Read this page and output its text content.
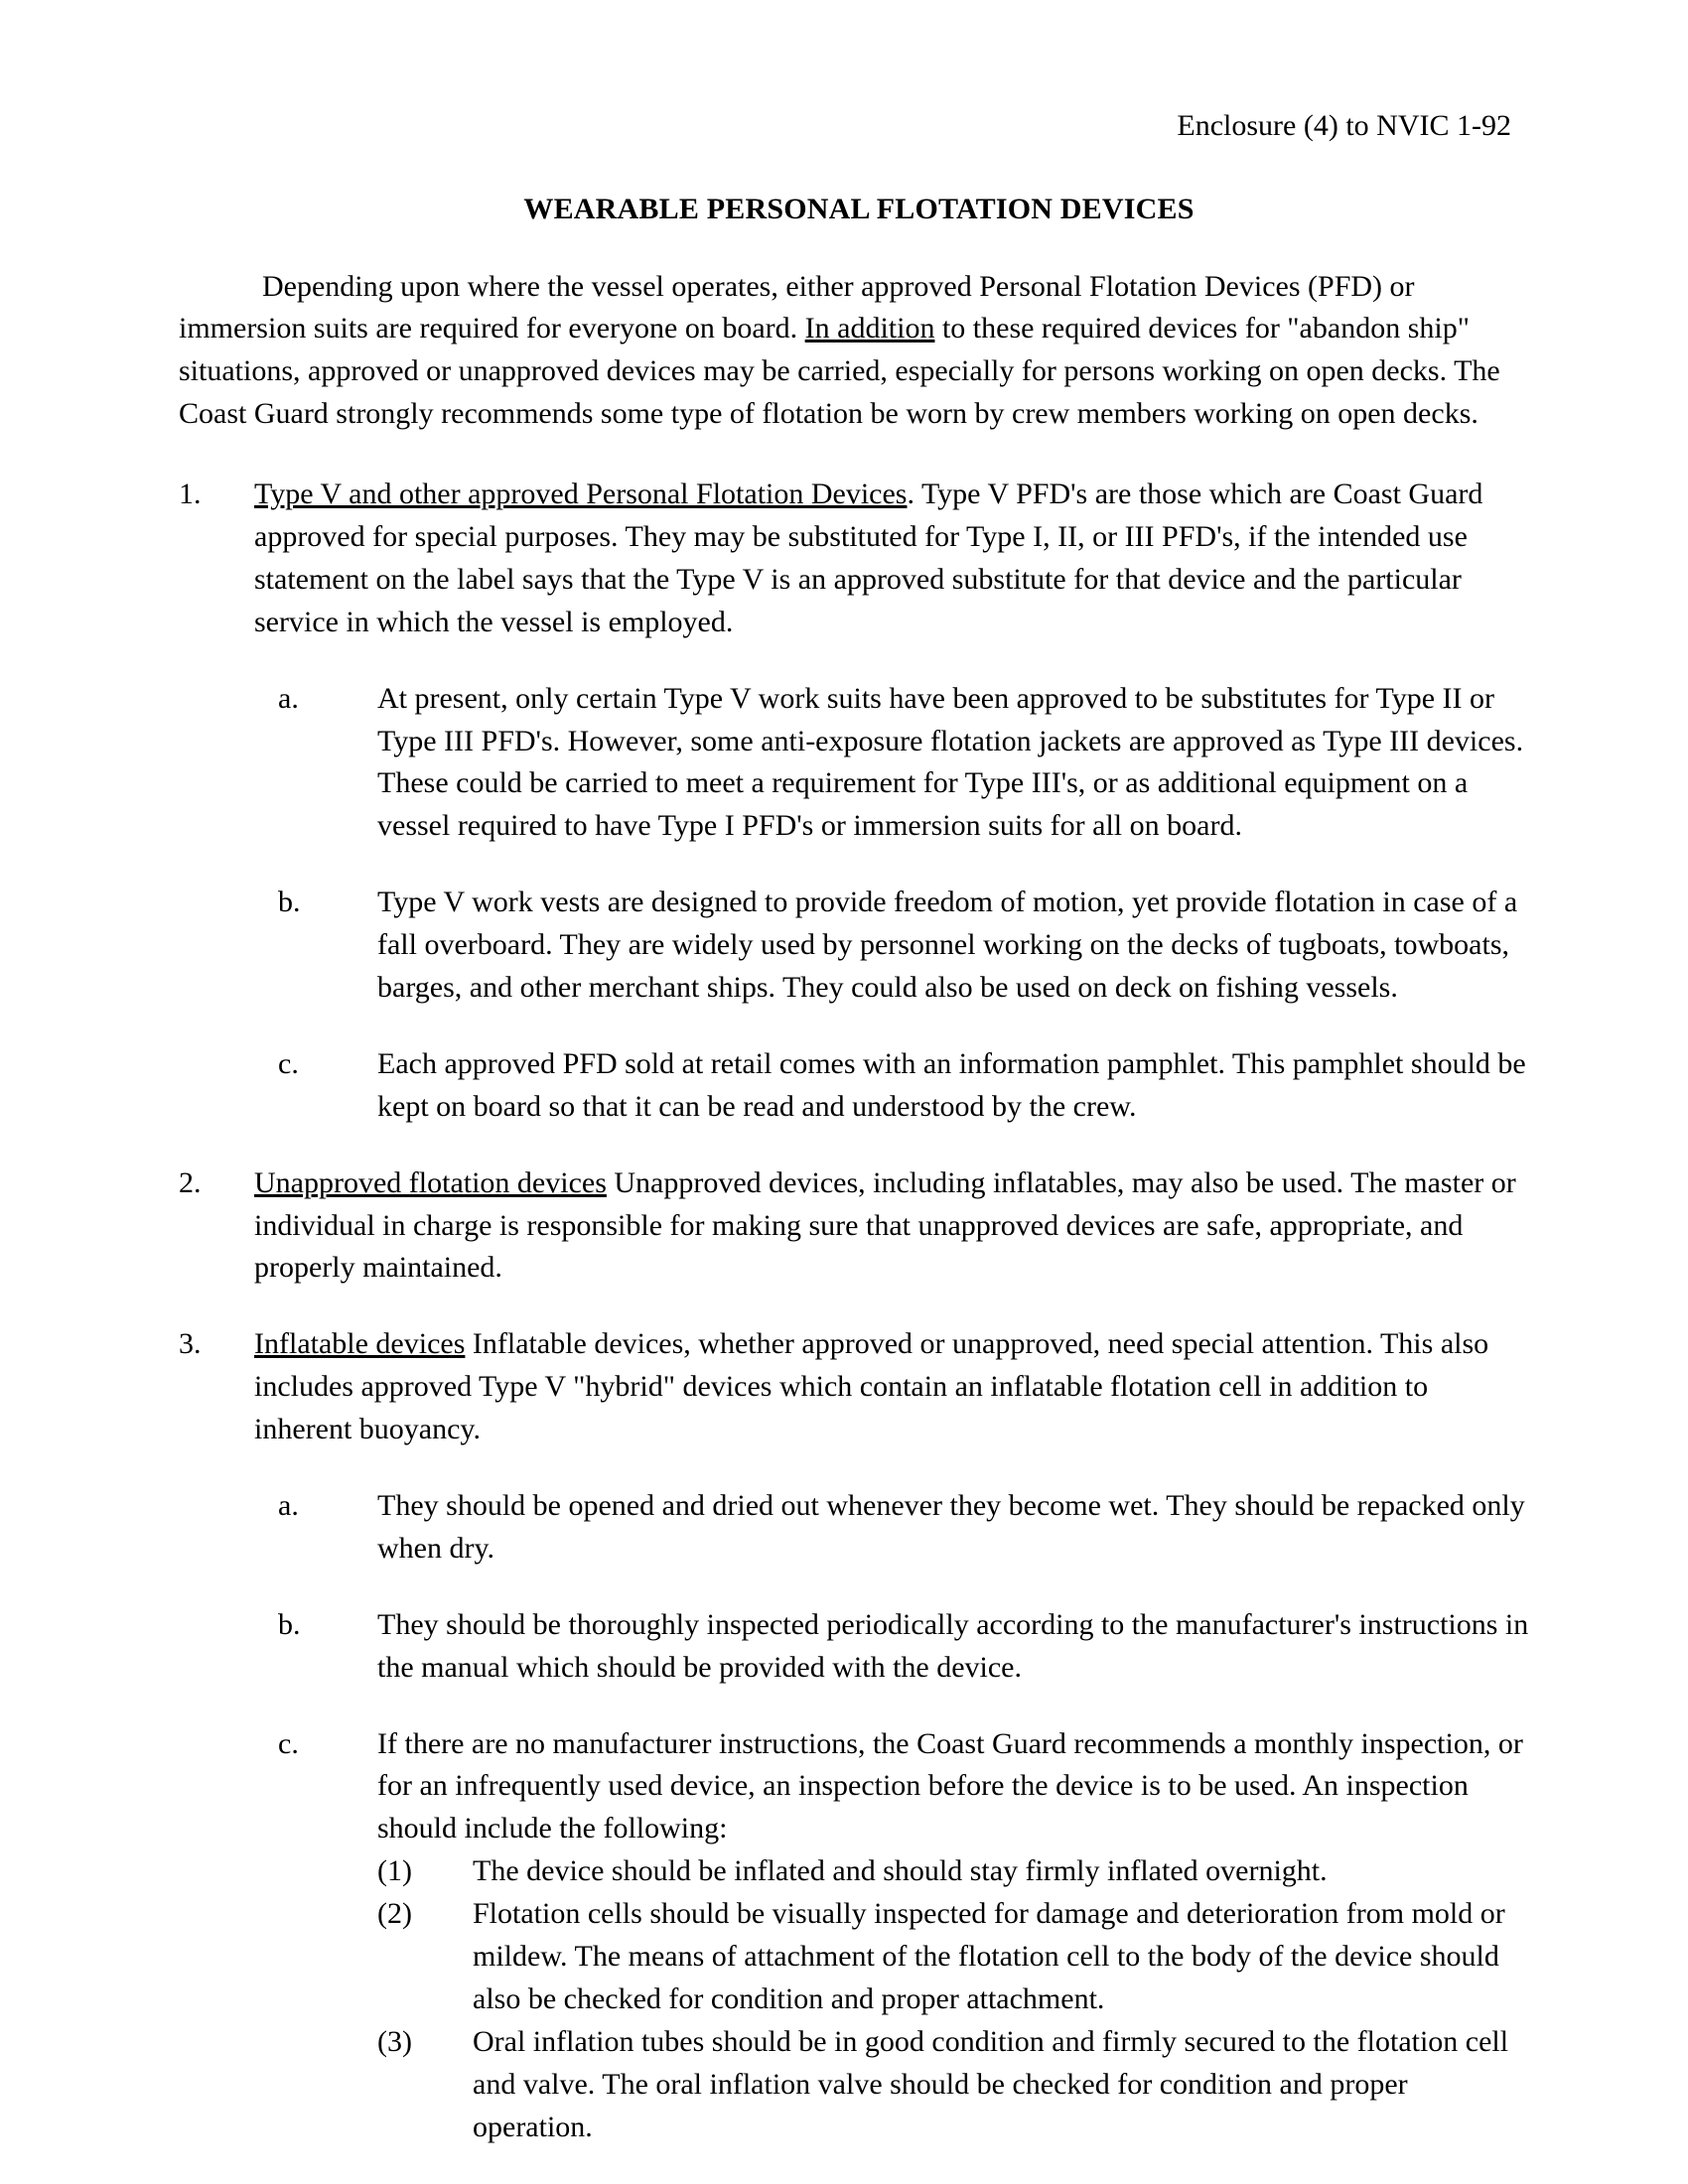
Enclosure (4) to NVIC 1-92
WEARABLE PERSONAL FLOTATION DEVICES

Depending upon where the vessel operates, either approved Personal Flotation Devices (PFD) or immersion suits are required for everyone on board. In addition to these required devices for "abandon ship" situations, approved or unapproved devices may be carried, especially for persons working on open decks. The Coast Guard strongly recommends some type of flotation be worn by crew members working on open decks.

1.	Type V and other approved Personal Flotation Devices. Type V PFD's are those which are Coast Guard approved for special purposes. They may be substituted for Type I, II, or III PFD's, if the intended use statement on the label says that the Type V is an approved substitute for that device and the particular service in which the vessel is employed.
a.	At present, only certain Type V work suits have been approved to be substitutes for Type II or Type III PFD's. However, some anti-exposure flotation jackets are approved as Type III devices. These could be carried to meet a requirement for Type III's, or as additional equipment on a vessel required to have Type I PFD's or immersion suits for all on board.
b.	Type V work vests are designed to provide freedom of motion, yet provide flotation in case of a fall overboard. They are widely used by personnel working on the decks of tugboats, towboats, barges, and other merchant ships. They could also be used on deck on fishing vessels.
c.	Each approved PFD sold at retail comes with an information pamphlet. This pamphlet should be kept on board so that it can be read and understood by the crew.
2.	Unapproved flotation devices Unapproved devices, including inflatables, may also be used. The master or individual in charge is responsible for making sure that unapproved devices are safe, appropriate, and properly maintained.
3.	Inflatable devices Inflatable devices, whether approved or unapproved, need special attention. This also includes approved Type V "hybrid" devices which contain an inflatable flotation cell in addition to inherent buoyancy.
a.	They should be opened and dried out whenever they become wet. They should be repacked only when dry.
b.	They should be thoroughly inspected periodically according to the manufacturer's instructions in the manual which should be provided with the device.
c.	If there are no manufacturer instructions, the Coast Guard recommends a monthly inspection, or for an infrequently used device, an inspection before the device is to be used. An inspection should include the following:
(1)	The device should be inflated and should stay firmly inflated overnight.
(2)	Flotation cells should be visually inspected for damage and deterioration from mold or mildew. The means of attachment of the flotation cell to the body of the device should also be checked for condition and proper attachment.
(3)	Oral inflation tubes should be in good condition and firmly secured to the flotation cell and valve. The oral inflation valve should be checked for condition and proper operation.
